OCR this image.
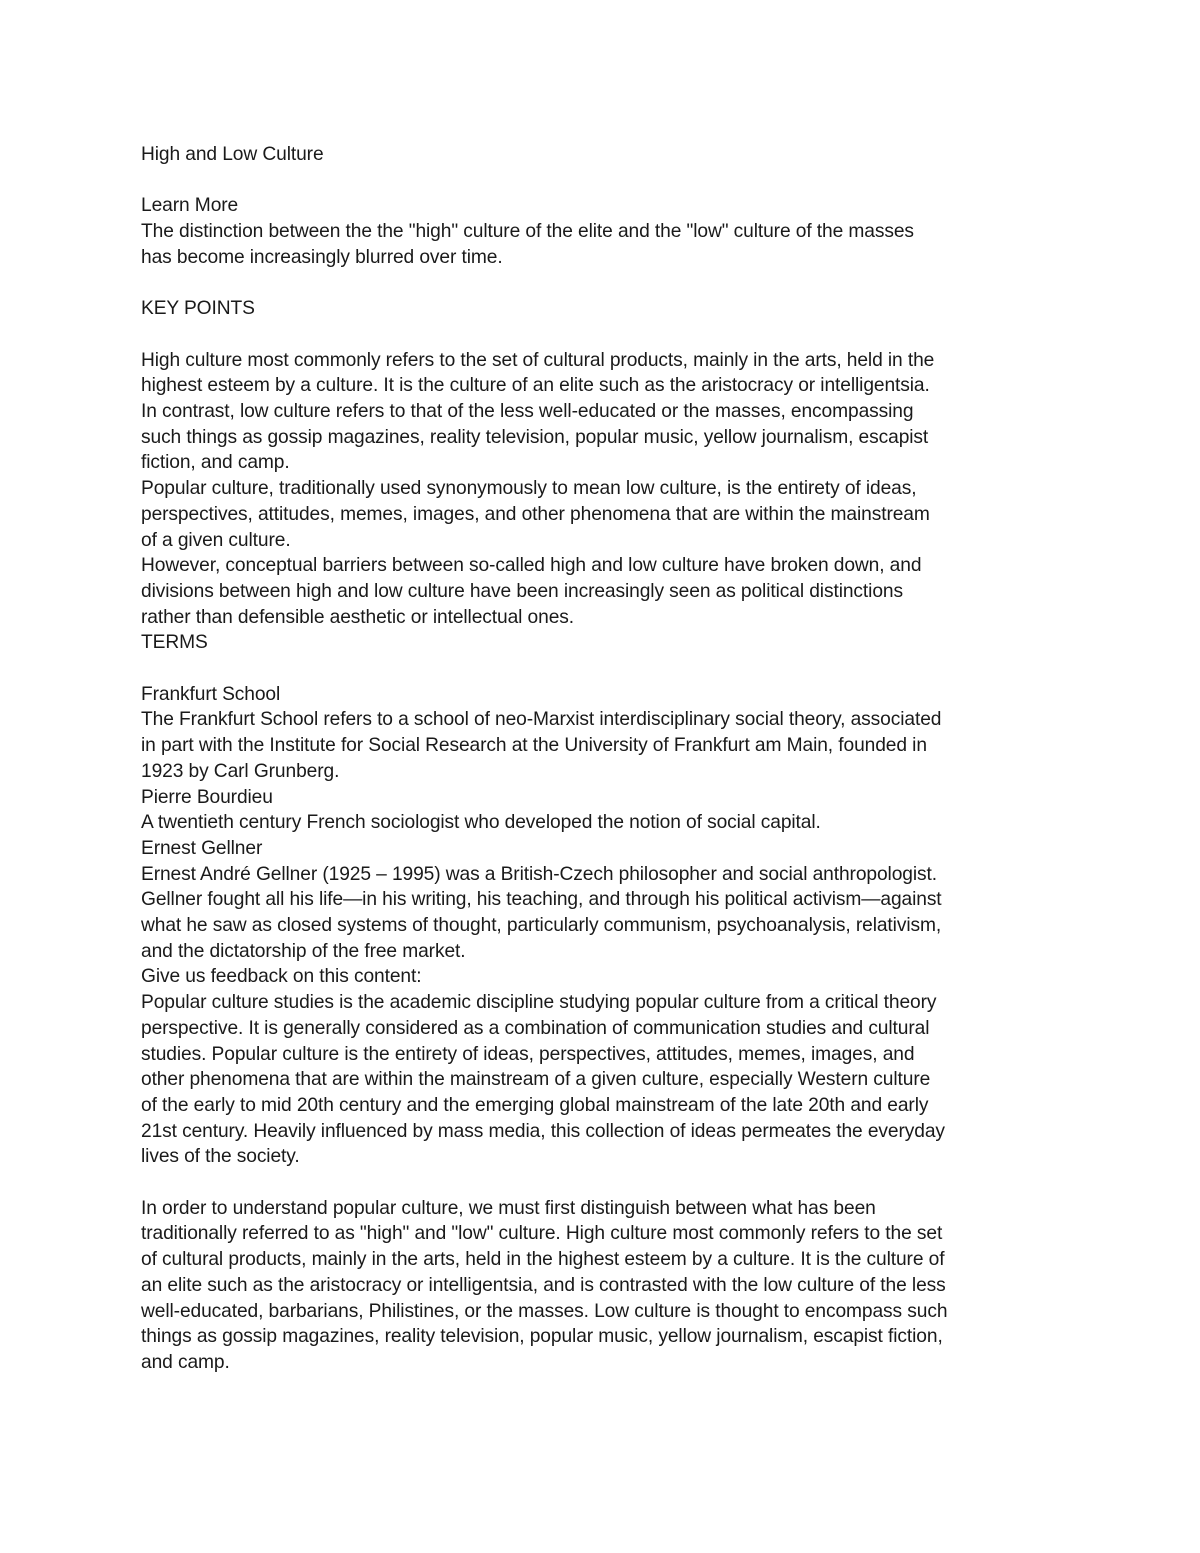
High and Low Culture
Learn More
The distinction between the the "high" culture of the elite and the "low" culture of the masses
has become increasingly blurred over time.
KEY POINTS
High culture most commonly refers to the set of cultural products, mainly in the arts, held in the
highest esteem by a culture. It is the culture of an elite such as the aristocracy or intelligentsia.
In contrast, low culture refers to that of the less well-educated or the masses, encompassing
such things as gossip magazines, reality television, popular music, yellow journalism, escapist
fiction, and camp.
Popular culture, traditionally used synonymously to mean low culture, is the entirety of ideas,
perspectives, attitudes, memes, images, and other phenomena that are within the mainstream
of a given culture.
However, conceptual barriers between so-called high and low culture have broken down, and
divisions between high and low culture have been increasingly seen as political distinctions
rather than defensible aesthetic or intellectual ones.
TERMS
Frankfurt School
The Frankfurt School refers to a school of neo-Marxist interdisciplinary social theory, associated
in part with the Institute for Social Research at the University of Frankfurt am Main, founded in
1923 by Carl Grunberg.
Pierre Bourdieu
A twentieth century French sociologist who developed the notion of social capital.
Ernest Gellner
Ernest André Gellner (1925 – 1995) was a British-Czech philosopher and social anthropologist.
Gellner fought all his life—in his writing, his teaching, and through his political activism—against
what he saw as closed systems of thought, particularly communism, psychoanalysis, relativism,
and the dictatorship of the free market.
Give us feedback on this content:
Popular culture studies is the academic discipline studying popular culture from a critical theory
perspective. It is generally considered as a combination of communication studies and cultural
studies. Popular culture is the entirety of ideas, perspectives, attitudes, memes, images, and
other phenomena that are within the mainstream of a given culture, especially Western culture
of the early to mid 20th century and the emerging global mainstream of the late 20th and early
21st century. Heavily influenced by mass media, this collection of ideas permeates the everyday
lives of the society.
In order to understand popular culture, we must first distinguish between what has been
traditionally referred to as "high" and "low" culture. High culture most commonly refers to the set
of cultural products, mainly in the arts, held in the highest esteem by a culture. It is the culture of
an elite such as the aristocracy or intelligentsia, and is contrasted with the low culture of the less
well-educated, barbarians, Philistines, or the masses. Low culture is thought to encompass such
things as gossip magazines, reality television, popular music, yellow journalism, escapist fiction,
and camp.
